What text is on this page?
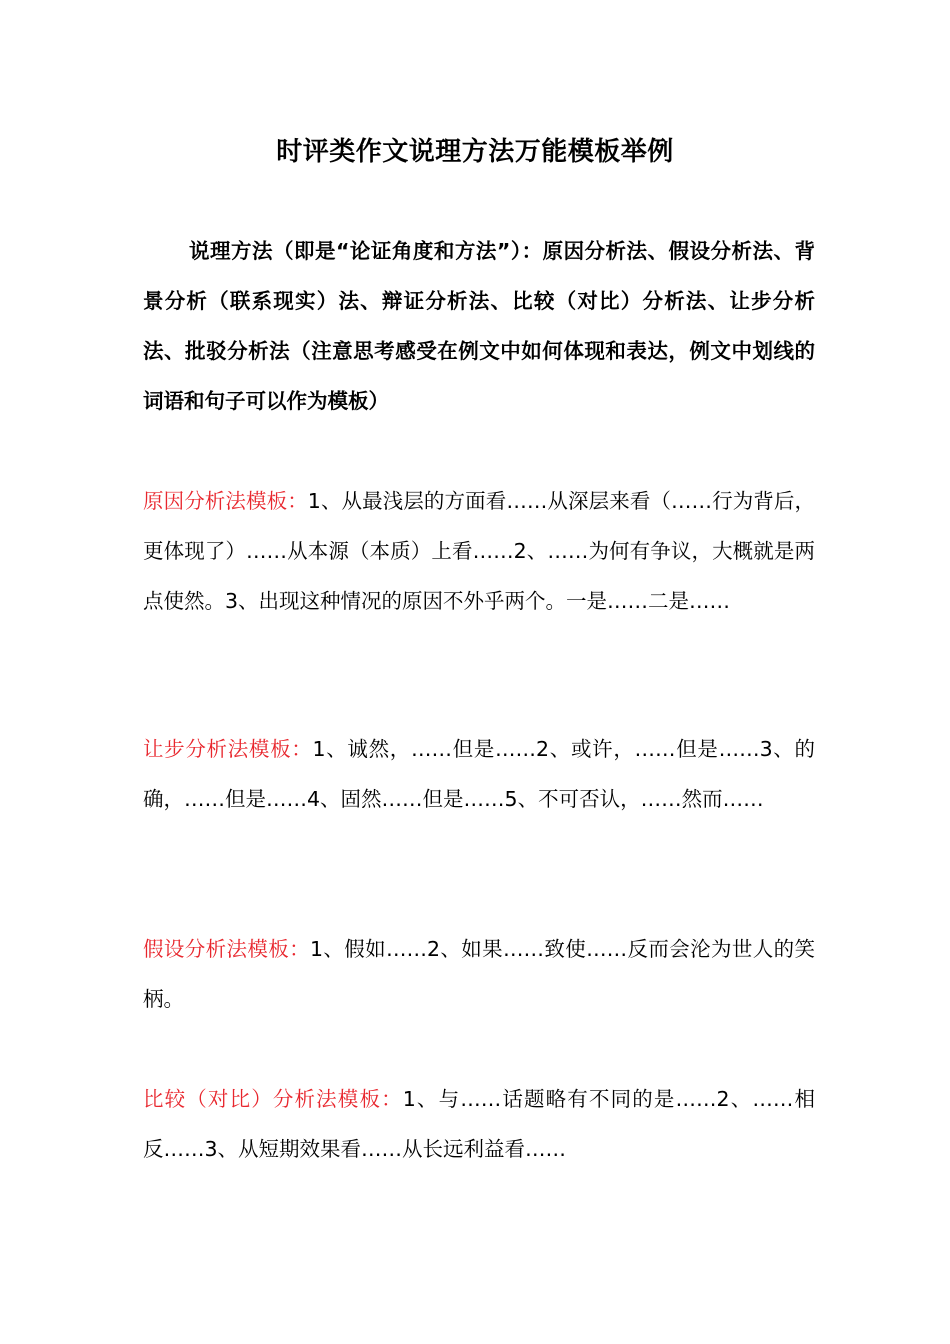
时评类作文说理方法万能模板举例
说理方法（即是“论证角度和方法”）：原因分析法、假设分析法、背景分析（联系现实）法、辩证分析法、比较（对比）分析法、让步分析法、批驳分析法（注意思考感受在例文中如何体现和表达，例文中划线的词语和句子可以作为模板）
原因分析法模板：1、从最浅层的方面看……从深层来看（……行为背后，更体现了）……从本源（本质）上看……2、……为何有争议，大概就是两点使然。3、出现这种情况的原因不外乎两个。一是……二是……
让步分析法模板：1、诚然，……但是……2、或许，……但是……3、的确，……但是……4、固然……但是……5、不可否认，……然而……
假设分析法模板：1、假如……2、如果……致使……反而会沦为世人的笑柄。
比较（对比）分析法模板：1、与……话题略有不同的是……2、……相反……3、从短期效果看……从长远利益看……
